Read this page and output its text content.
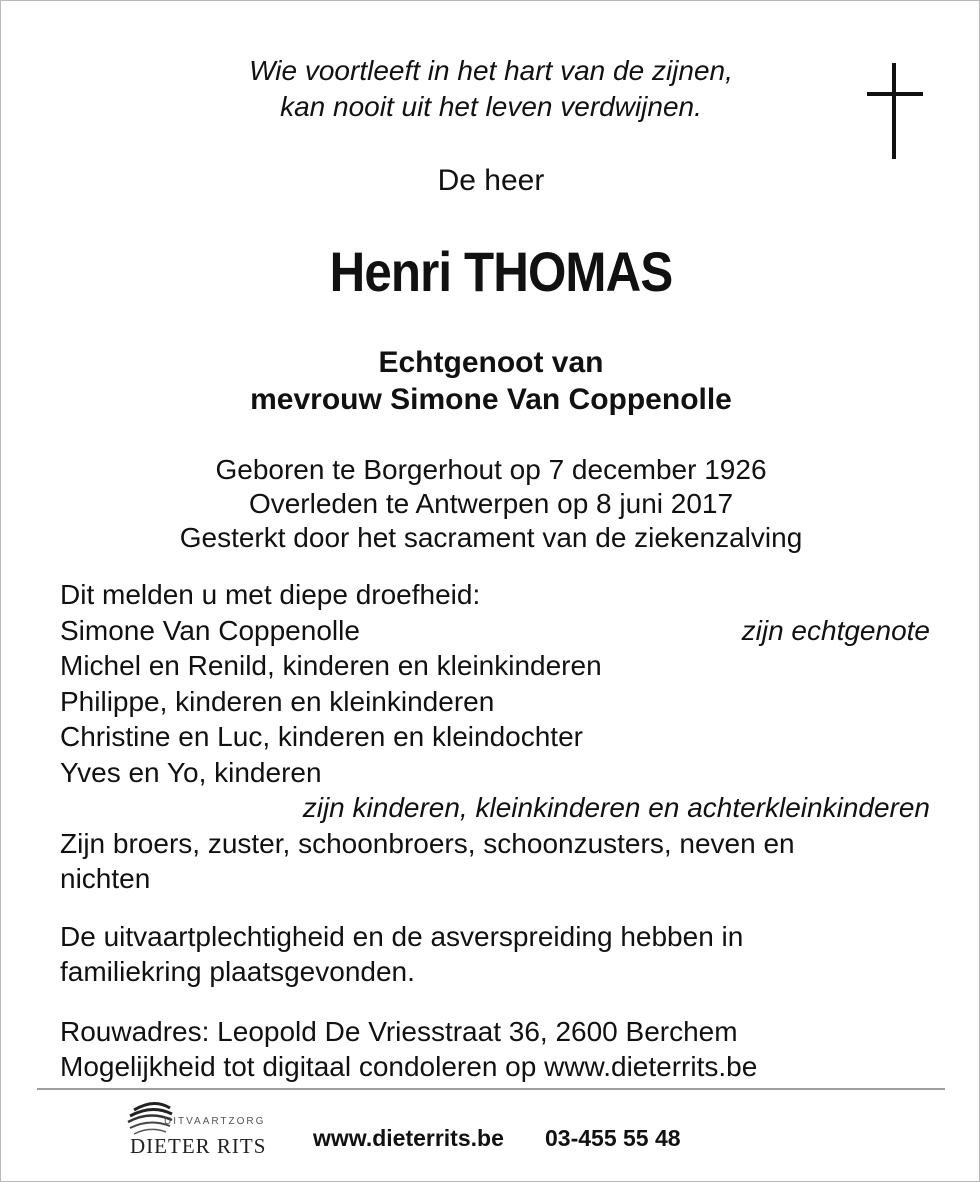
Wie voortleeft in het hart van de zijnen,
kan nooit uit het leven verdwijnen.
De heer
Henri THOMAS
Echtgenoot van
mevrouw Simone Van Coppenolle
Geboren te Borgerhout op 7 december 1926
Overleden te Antwerpen op 8 juni 2017
Gesterkt door het sacrament van de ziekenzalving
Dit melden u met diepe droefheid:
Simone Van Coppenolle	zijn echtgenote
Michel en Renild, kinderen en kleinkinderen
Philippe, kinderen en kleinkinderen
Christine en Luc, kinderen en kleindochter
Yves en Yo, kinderen
zijn kinderen, kleinkinderen en achterkleinkinderen
Zijn broers, zuster, schoonbroers, schoonzusters, neven en
nichten
De uitvaartplechtigheid en de asverspreiding hebben in
familiekring plaatsgevonden.
Rouwadres: Leopold De Vriesstraat 36, 2600 Berchem
Mogelijkheid tot digitaal condoleren op www.dieterrits.be
UITVAARTZORG
DIETER RITS www.dieterrits.be 03-455 55 48
